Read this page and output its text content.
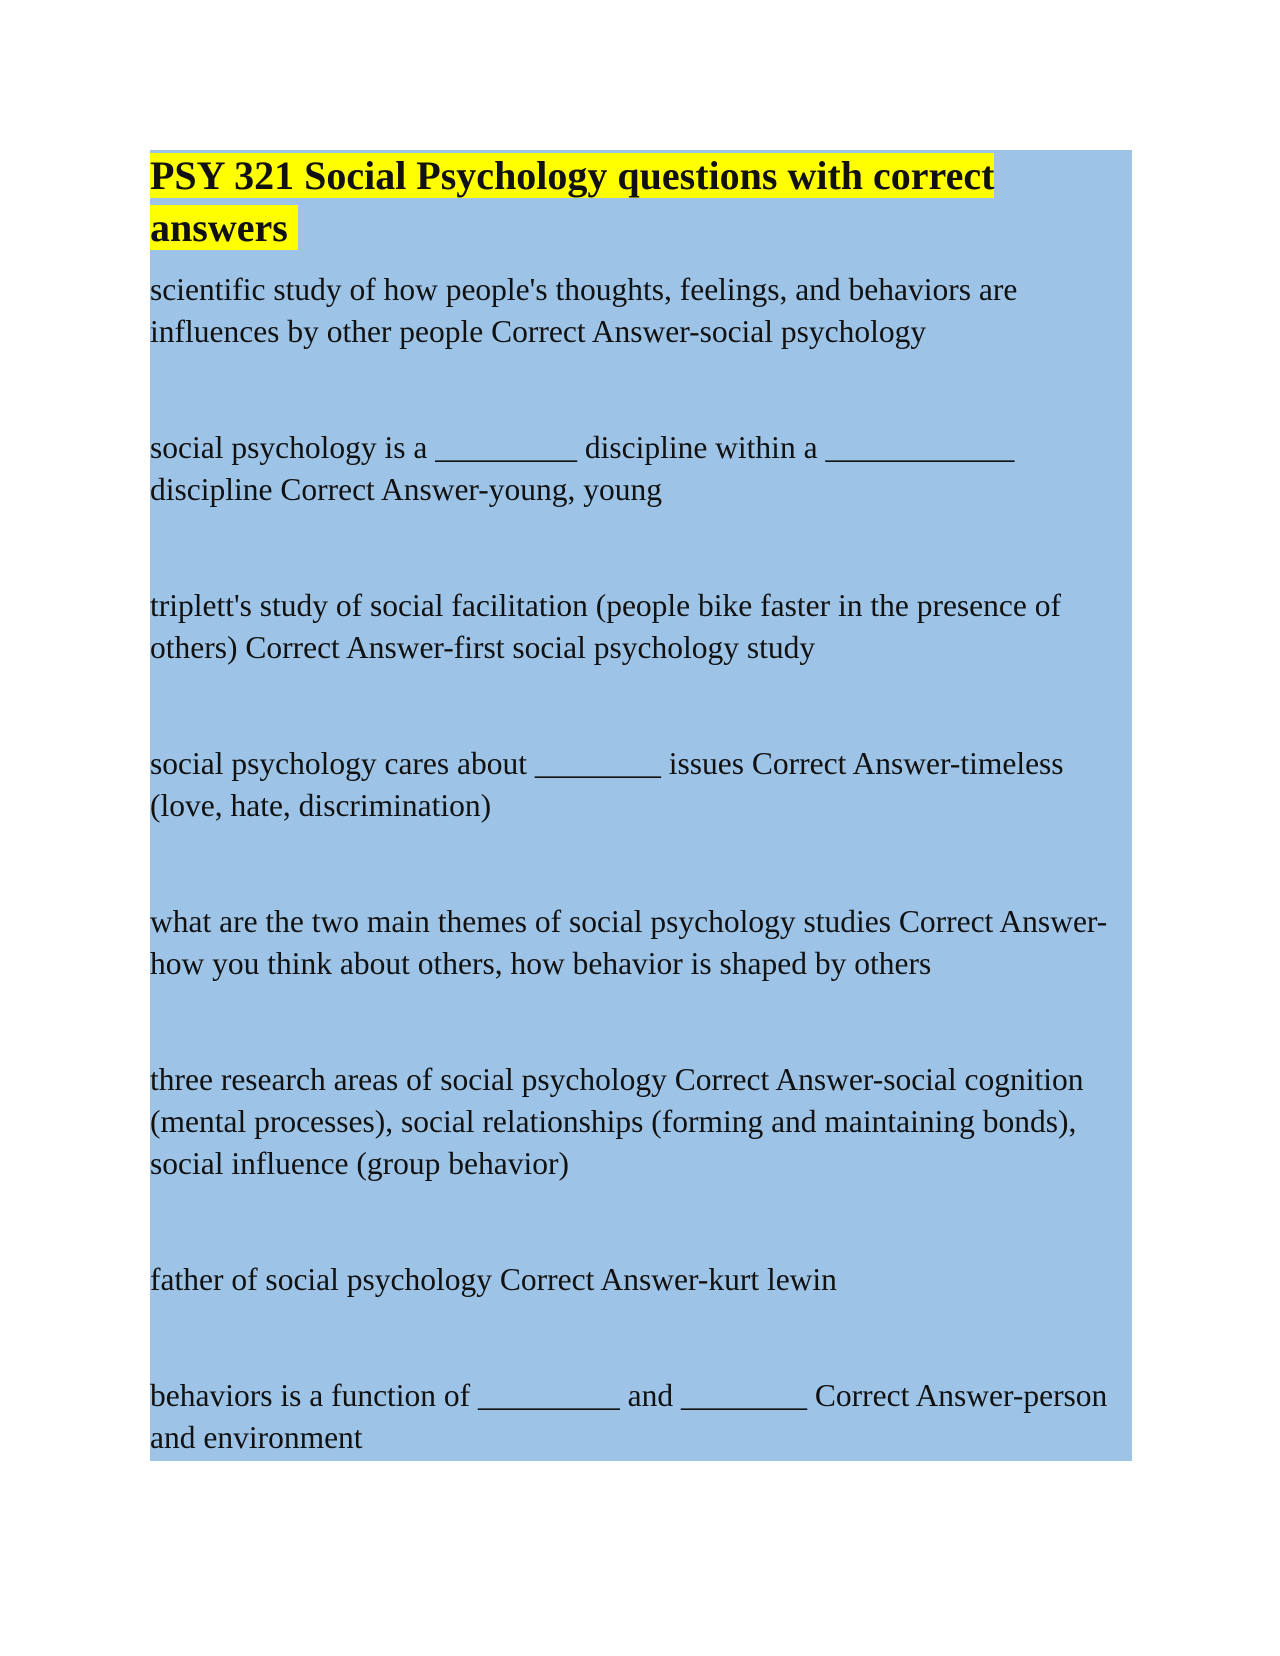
PSY 321 Social Psychology questions with correct answers
scientific study of how people's thoughts, feelings, and behaviors are influences by other people Correct Answer-social psychology
social psychology is a _________ discipline within a ____________ discipline Correct Answer-young, young
triplett's study of social facilitation (people bike faster in the presence of others) Correct Answer-first social psychology study
social psychology cares about ________ issues Correct Answer-timeless (love, hate, discrimination)
what are the two main themes of social psychology studies Correct Answer-how you think about others, how behavior is shaped by others
three research areas of social psychology Correct Answer-social cognition (mental processes), social relationships (forming and maintaining bonds), social influence (group behavior)
father of social psychology Correct Answer-kurt lewin
behaviors is a function of _________ and ________ Correct Answer-person and environment
